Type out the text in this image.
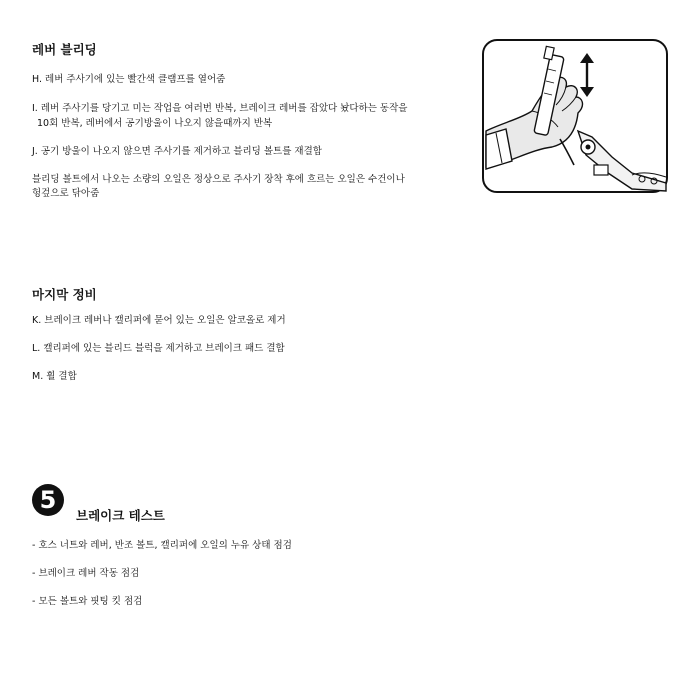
레버 블리딩
H. 레버 주사기에 있는 빨간색 클램프를 열어줌
I. 레버 주사기를 당기고 미는 작업을 여러번 반복, 브레이크 레버를 잡았다 놨다하는 동작을
10회 반복, 레버에서 공기방울이 나오지 않을때까지 반복
J. 공기 방울이 나오지 않으면 주사기를 제거하고 블리딩 볼트를 재결합
블리딩 볼트에서 나오는 소량의 오일은 정상으로 주사기 장착 후에 흐르는 오일은 수건이나
헝겊으로 닦아줌
마지막 정비
K. 브레이크 레버나 캘리퍼에 묻어 있는 오일은 알코올로 제거
L. 캘리퍼에 있는 블리드 블럭을 제거하고 브레이크 패드 결합
M. 휠 결합
5
브레이크 테스트
- 호스 너트와 레버, 반조 볼트, 캘리퍼에 오일의 누유 상태 점검
- 브레이크 레버 작동 점검
- 모든 볼트와 핏팅 킷 점검
